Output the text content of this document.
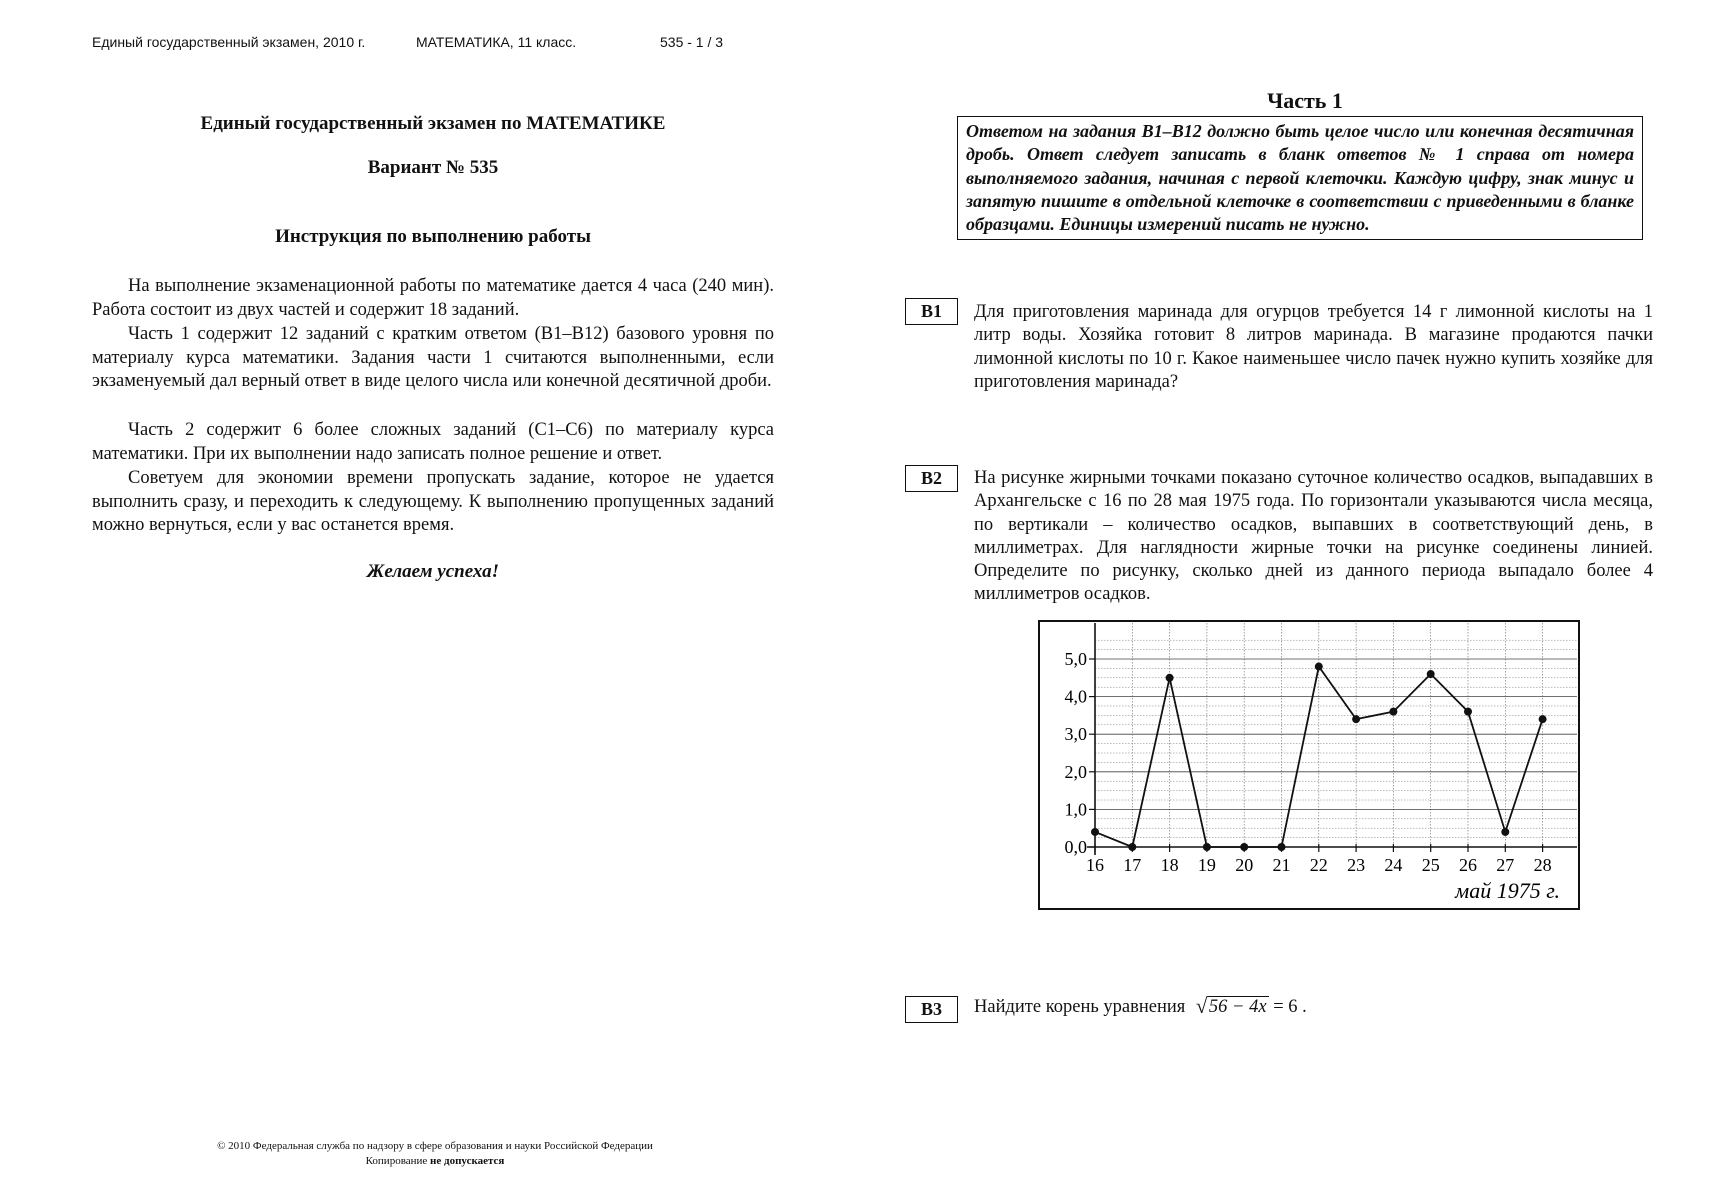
Единый государственный экзамен, 2010 г.	МАТЕМАТИКА, 11 класс.	535 - 1 / 3
Единый государственный экзамен по МАТЕМАТИКЕ
Вариант № 535
Инструкция по выполнению работы

На выполнение экзаменационной работы по математике дается 4 часа (240 мин). Работа состоит из двух частей и содержит 18 заданий.

Часть 1 содержит 12 заданий с кратким ответом (B1–B12) базового уровня по материалу курса математики. Задания части 1 считаются выполненными, если экзаменуемый дал верный ответ в виде целого числа или конечной десятичной дроби.

Часть 2 содержит 6 более сложных заданий (C1–C6) по материалу курса математики. При их выполнении надо записать полное решение и ответ.

Советуем для экономии времени пропускать задание, которое не удается выполнить сразу, и переходить к следующему. К выполнению пропущенных заданий можно вернуться, если у вас останется время.

Желаем успеха!
Часть 1
Ответом на задания B1–B12 должно быть целое число или конечная десятичная дробь. Ответ следует записать в бланк ответов № 1 справа от номера выполняемого задания, начиная с первой клеточки. Каждую цифру, знак минус и запятую пишите в отдельной клеточке в соответствии с приведенными в бланке образцами. Единицы измерений писать не нужно.
B1	Для приготовления маринада для огурцов требуется 14 г лимонной кислоты на 1 литр воды. Хозяйка готовит 8 литров маринада. В магазине продаются пачки лимонной кислоты по 10 г. Какое наименьшее число пачек нужно купить хозяйке для приготовления маринада?

B2	На рисунке жирными точками показано суточное количество осадков, выпадавших в Архангельске с 16 по 28 мая 1975 года. По горизонтали указываются числа месяца, по вертикали – количество осадков, выпавших в соответствующий день, в миллиметрах. Для наглядности жирные точки на рисунке соединены линией. Определите по рисунку, сколько дней из данного периода выпадало более 4 миллиметров осадков.

0,0
1,0
2,0
3,0
4,0
5,0
16 17 18 19 20 21 22 23 24 25 26 27 28
май 1975 г.
B3	Найдите корень уравнения √ 56 − 4x = 6 .
© 2010 Федеральная служба по надзору в сфере образования и науки Российской Федерации
Копирование не допускается
